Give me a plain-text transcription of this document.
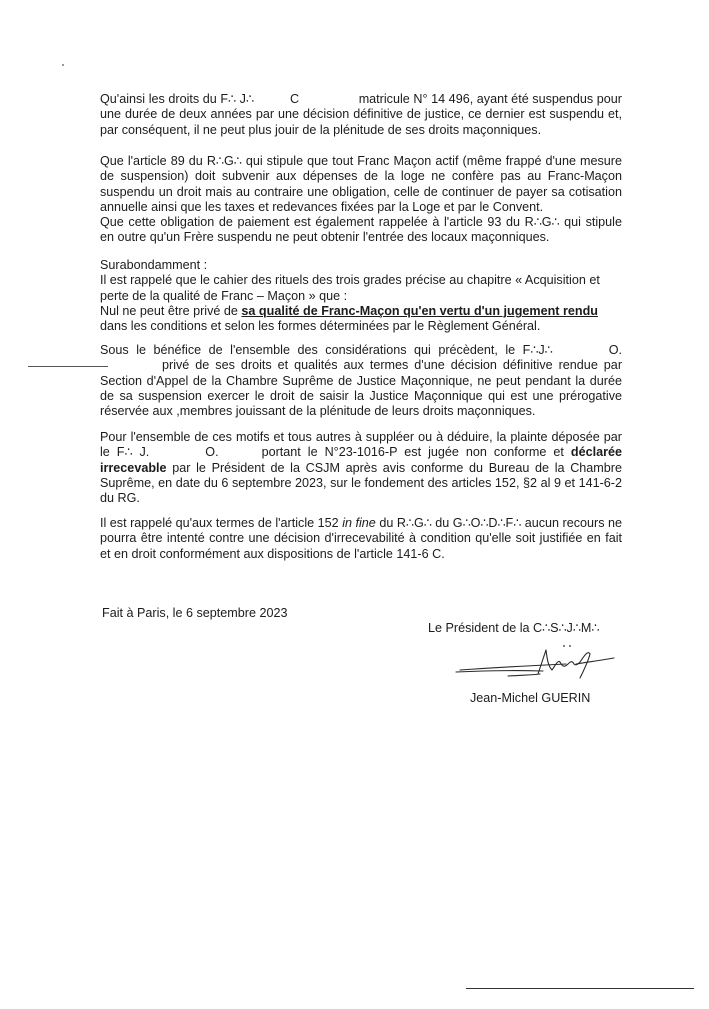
Qu'ainsi les droits du F∴ J∴	C	matricule N° 14 496, ayant été suspendus pour une durée de deux années par une décision définitive de justice, ce dernier est suspendu et, par conséquent, il ne peut plus jouir de la plénitude de ses droits maçonniques.

Que l'article 89 du R∴G∴ qui stipule que tout Franc Maçon actif (même frappé d'une mesure de suspension) doit subvenir aux dépenses de la loge ne confère pas au Franc-Maçon suspendu un droit mais au contraire une obligation, celle de continuer de payer sa cotisation annuelle ainsi que les taxes et redevances fixées par la Loge et par le Convent.
Que cette obligation de paiement est également rappelée à l'article 93 du R∴G∴ qui stipule en outre qu'un Frère suspendu ne peut obtenir l'entrée des locaux maçonniques.

Surabondamment :
Il est rappelé que le cahier des rituels des trois grades précise au chapitre « Acquisition et perte de la qualité de Franc – Maçon » que :
Nul ne peut être privé de sa qualité de Franc-Maçon qu'en vertu d'un jugement rendu
dans les conditions et selon les formes déterminées par le Règlement Général.

Sous le bénéfice de l'ensemble des considérations qui précèdent, le F∴J∴	O. privé de ses droits et qualités aux termes d'une décision définitive rendue par Section d'Appel de la Chambre Suprême de Justice Maçonnique, ne peut pendant la durée de sa suspension exercer le droit de saisir la Justice Maçonnique qui est une prérogative réservée aux ,membres jouissant de la plénitude de leurs droits maçonniques.

Pour l'ensemble de ces motifs et tous autres à suppléer ou à déduire, la plainte déposée par le F∴ J.	O.	portant le N°23-1016-P est jugée non conforme et déclarée irrecevable par le Président de la CSJM après avis conforme du Bureau de la Chambre Suprême, en date du 6 septembre 2023, sur le fondement des articles 152, §2 al 9 et 141-6-2 du RG.

Il est rappelé qu'aux termes de l'article 152 in fine du R∴G∴ du G∴O∴D∴F∴ aucun recours ne pourra être intenté contre une décision d'irrecevabilité à condition qu'elle soit justifiée en fait et en droit conformément aux dispositions de l'article 141-6 C.

Fait à Paris, le 6 septembre 2023
Le Président de la C∴S∴J∴M∴
Jean-Michel GUERIN
